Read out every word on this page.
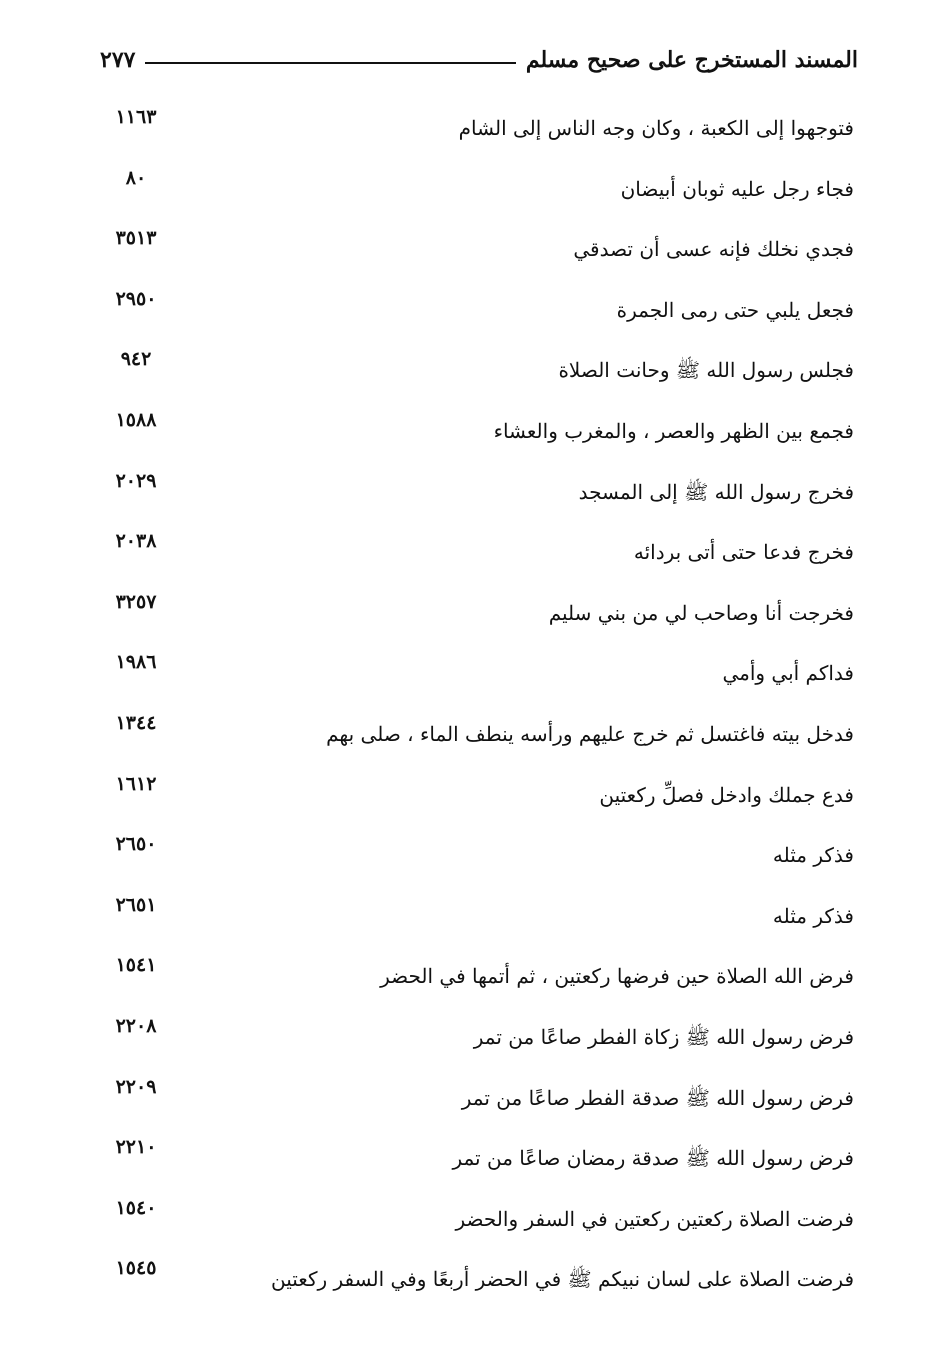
المسند المستخرج على صحيح مسلم
٢٧٧
فتوجهوا إلى الكعبة ، وكان وجه الناس إلى الشام
١١٦٣
فجاء رجل عليه ثوبان أبيضان
٨٠
فجدي نخلك فإنه عسى أن تصدقي
٣٥١٣
فجعل يلبي حتى رمى الجمرة
٢٩٥٠
فجلس رسول الله ﷺ وحانت الصلاة
٩٤٢
فجمع بين الظهر والعصر ، والمغرب والعشاء
١٥٨٨
فخرج رسول الله ﷺ إلى المسجد
٢٠٢٩
فخرج فدعا حتى أتى بردائه
٢٠٣٨
فخرجت أنا وصاحب لي من بني سليم
٣٢٥٧
فداكم أبي وأمي
١٩٨٦
فدخل بيته فاغتسل ثم خرج عليهم ورأسه ينطف الماء ، صلى بهم
١٣٤٤
فدع جملك وادخل فصلِّ ركعتين
١٦١٢
فذكر مثله
٢٦٥٠
فذكر مثله
٢٦٥١
فرض الله الصلاة حين فرضها ركعتين ، ثم أتمها في الحضر
١٥٤١
فرض رسول الله ﷺ زكاة الفطر صاعًا من تمر
٢٢٠٨
فرض رسول الله ﷺ صدقة الفطر صاعًا من تمر
٢٢٠٩
فرض رسول الله ﷺ صدقة رمضان صاعًا من تمر
٢٢١٠
فرضت الصلاة ركعتين ركعتين في السفر والحضر
١٥٤٠
فرضت الصلاة على لسان نبيكم ﷺ في الحضر أربعًا وفي السفر ركعتين
١٥٤٥
